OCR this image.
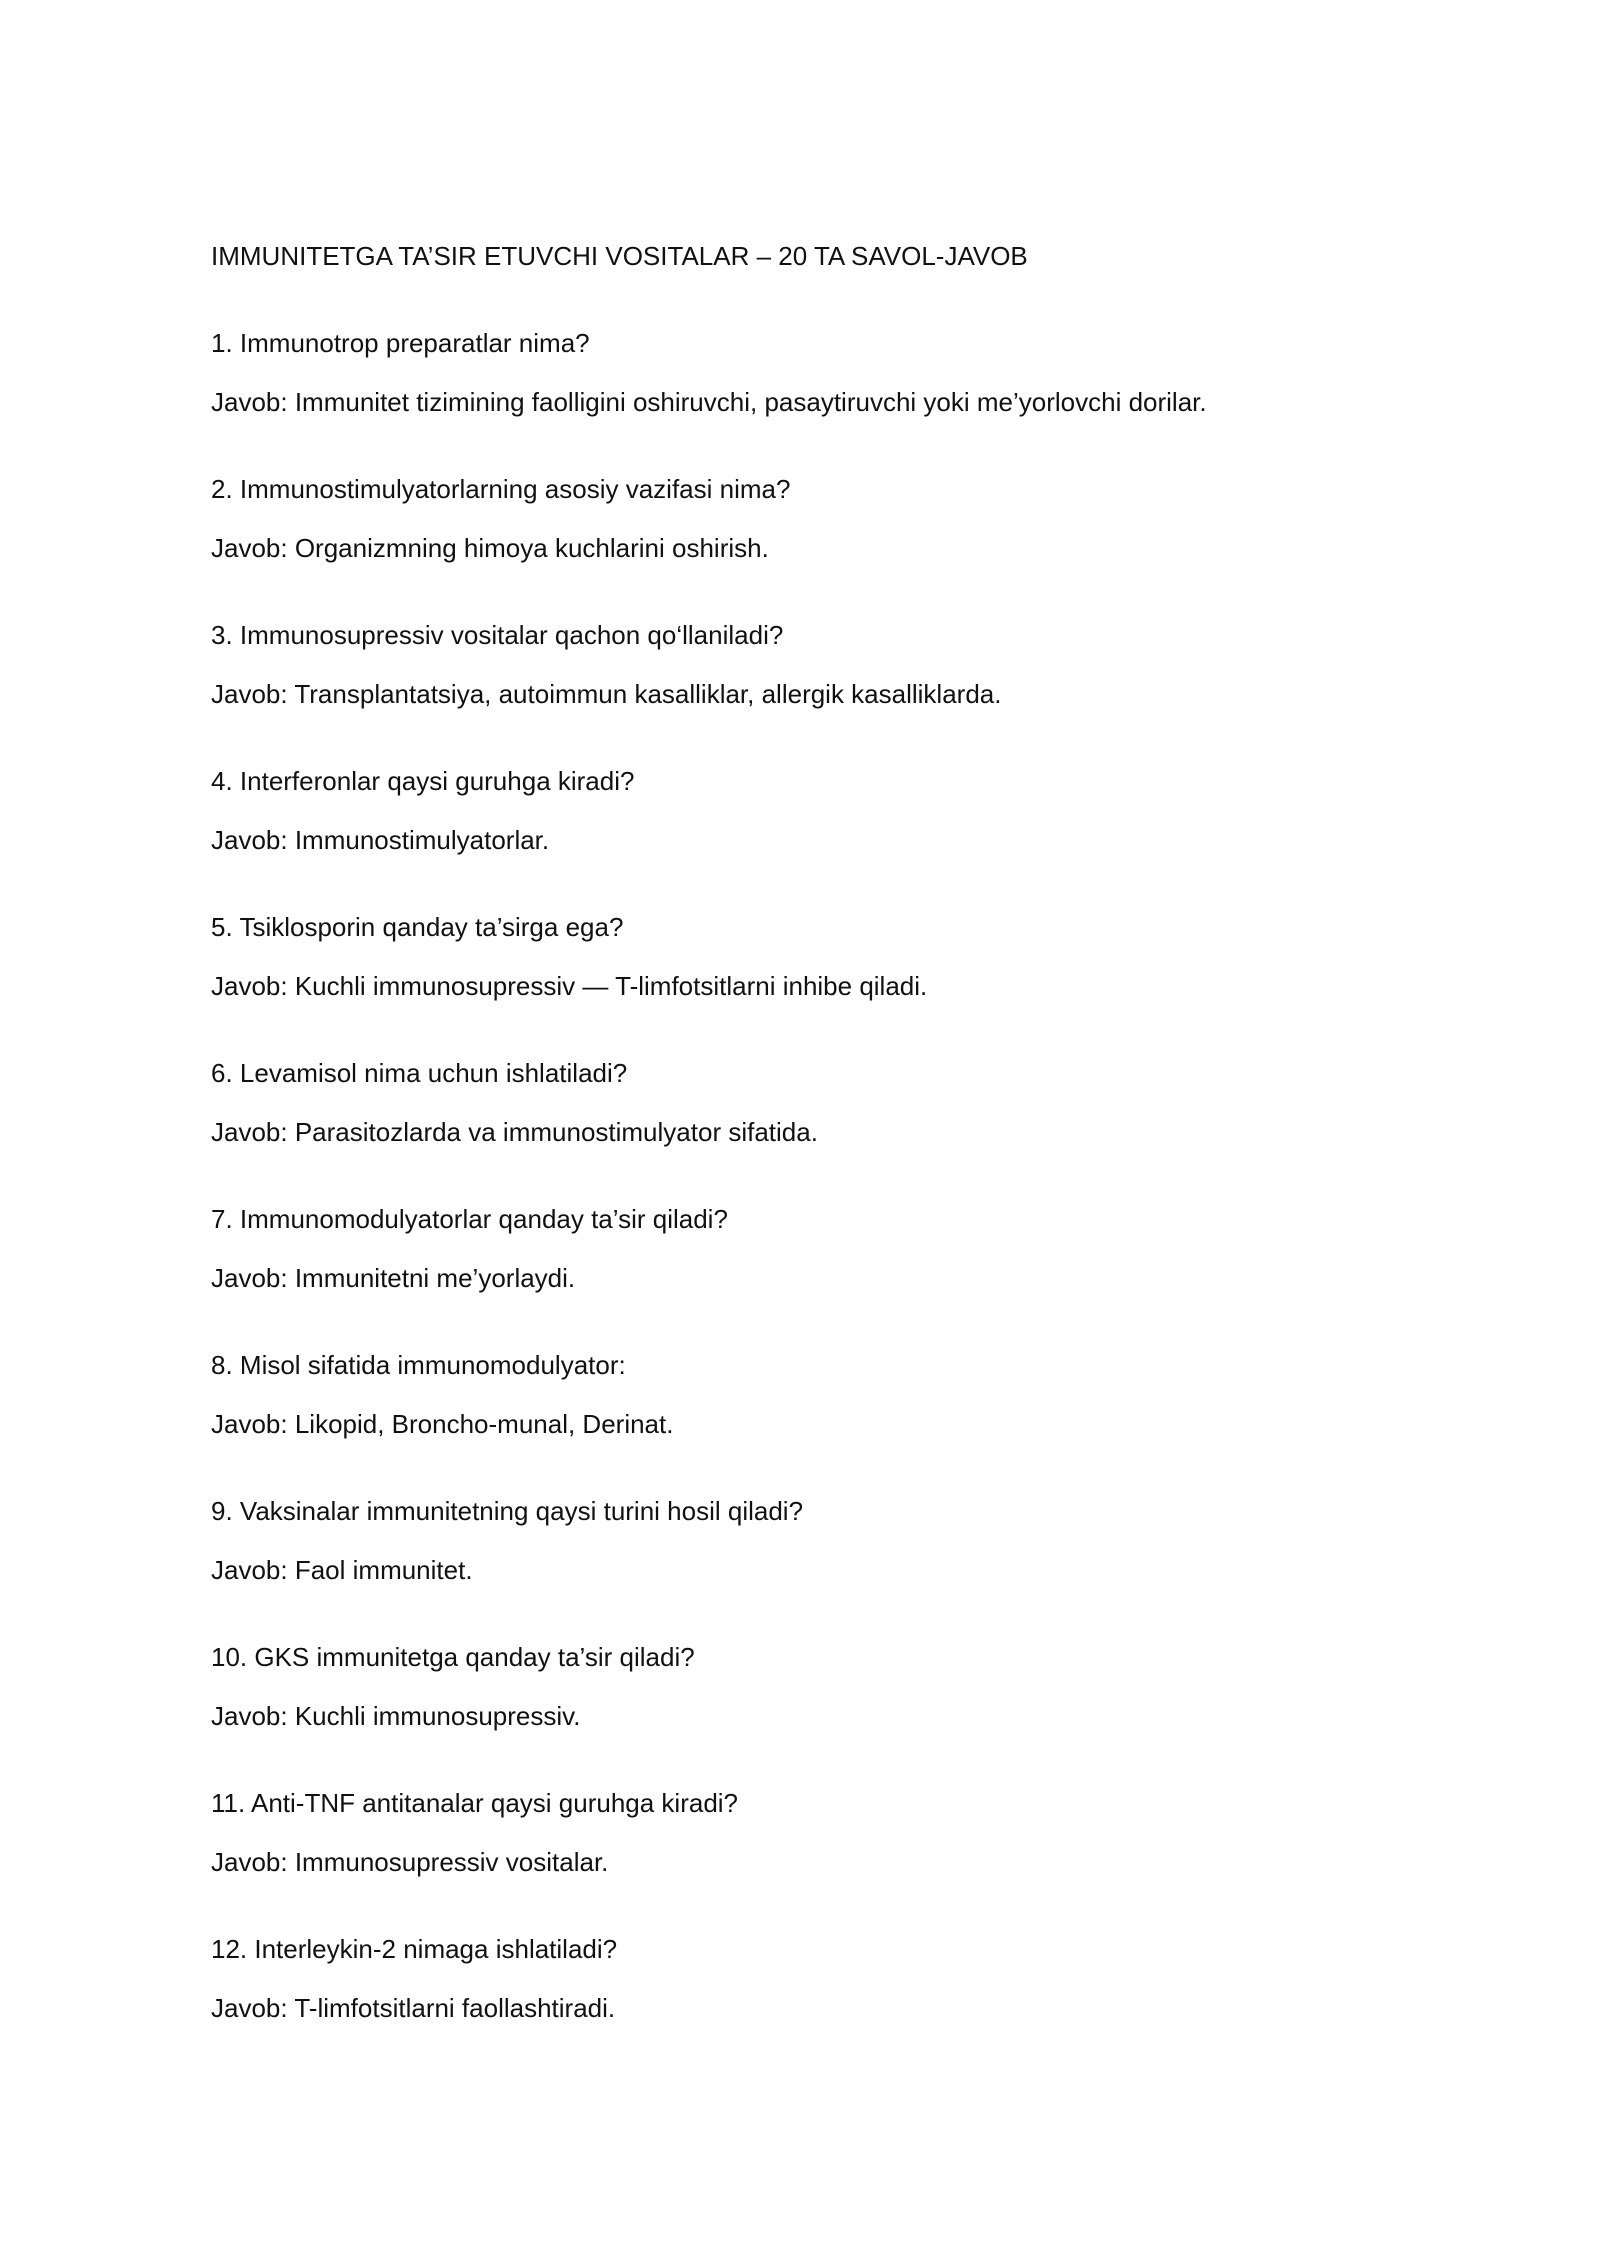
IMMUNITETGA TA’SIR ETUVCHI VOSITALAR – 20 TA SAVOL-JAVOB
1. Immunotrop preparatlar nima?
Javob: Immunitet tizimining faolligini oshiruvchi, pasaytiruvchi yoki me’yorlovchi dorilar.
2. Immunostimulyatorlarning asosiy vazifasi nima?
Javob: Organizmning himoya kuchlarini oshirish.
3. Immunosupressiv vositalar qachon qo‘llaniladi?
Javob: Transplantatsiya, autoimmun kasalliklar, allergik kasalliklarda.
4. Interferonlar qaysi guruhga kiradi?
Javob: Immunostimulyatorlar.
5. Tsiklosporin qanday ta’sirga ega?
Javob: Kuchli immunosupressiv — T-limfotsitlarni inhibe qiladi.
6. Levamisol nima uchun ishlatiladi?
Javob: Parasitozlarda va immunostimulyator sifatida.
7. Immunomodulyatorlar qanday ta’sir qiladi?
Javob: Immunitetni me’yorlaydi.
8. Misol sifatida immunomodulyator:
Javob: Likopid, Broncho-munal, Derinat.
9. Vaksinalar immunitetning qaysi turini hosil qiladi?
Javob: Faol immunitet.
10. GKS immunitetga qanday ta’sir qiladi?
Javob: Kuchli immunosupressiv.
11. Anti-TNF antitanalar qaysi guruhga kiradi?
Javob: Immunosupressiv vositalar.
12. Interleykin-2 nimaga ishlatiladi?
Javob: T-limfotsitlarni faollashtiradi.
